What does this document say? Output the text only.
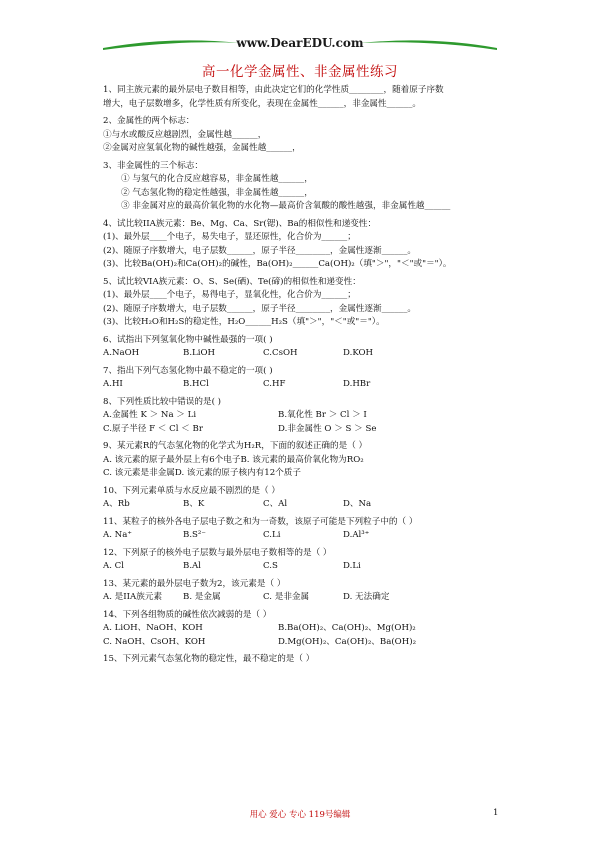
www.DearEDU.com
高一化学金属性、非金属性练习
1、同主族元素的最外层电子数目相等，由此决定它们的化学性质________，随着原子序数
增大，电子层数增多，化学性质有所变化，表现在金属性______，非金属性______。
2、金属性的两个标志：
①与水或酸反应越剧烈，金属性越______，
②金属对应氢氧化物的碱性越强，金属性越______，
3、非金属性的三个标志：
① 与氢气的化合反应越容易，非金属性越______，
② 气态氢化物的稳定性越强，非金属性越______，
③ 非金属对应的最高价氧化物的水化物—最高价含氧酸的酸性越强，非金属性越______
4、试比较IIA族元素：Be、Mg、Ca、Sr(锶)、Ba的相似性和递变性：
(1)、最外层____个电子，易失电子，显还原性，化合价为______；
(2)、随原子序数增大，电子层数______，原子半径________，金属性逐渐______。
(3)、比较Ba(OH)₂和Ca(OH)₂的碱性，Ba(OH)₂______Ca(OH)₂（填"＞"，"＜"或"＝"）。
5、试比较VIA族元素：O、S、Se(硒)、Te(碲)的相似性和递变性：
(1)、最外层____个电子，易得电子，显氧化性，化合价为______；
(2)、随原子序数增大，电子层数______，原子半径________，金属性逐渐______。
(3)、比较H₂O和H₂S的稳定性，H₂O______H₂S（填"＞"，"＜"或"＝"）。
6、试指出下列氢氧化物中碱性最强的一项( )
A.NaOH	B.LiOH	C.CsOH	D.KOH
7、指出下列气态氢化物中最不稳定的一项( )
A.HI	B.HCl	C.HF	D.HBr
8、下列性质比较中错误的是( )
A.金属性 K ＞ Na ＞ Li	B.氧化性 Br ＞ Cl ＞ I
C.原子半径 F ＜ Cl ＜ Br	D.非金属性 O ＞ S ＞ Se
9、某元素R的气态氢化物的化学式为H₂R，下面的叙述正确的是（ ）
A. 该元素的原子最外层上有6个电子B. 该元素的最高价氧化物为RO₂
C. 该元素是非金属D. 该元素的原子核内有12个质子
10、下列元素单质与水反应最不剧烈的是（ ）
A、Rb	B、K	C、Al	D、Na
11、某粒子的核外各电子层电子数之和为一奇数，该原子可能是下列粒子中的（ ）
A. Na⁺	B.S²⁻	C.Li	D.Al³⁺
12、下列原子的核外电子层数与最外层电子数相等的是（ ）
A. Cl	B.Al	C.S	D.Li
13、某元素的最外层电子数为2，该元素是（ ）
A. 是IIA族元素 B. 是金属	C. 是非金属	D. 无法确定
14、下列各组物质的碱性依次减弱的是（ ）
A. LiOH、NaOH、KOH	B.Ba(OH)₂、Ca(OH)₂、Mg(OH)₂
C. NaOH、CsOH、KOH	D.Mg(OH)₂、Ca(OH)₂、Ba(OH)₂
15、下列元素气态氢化物的稳定性，最不稳定的是（ ）
用心 爱心 专心 119号编辑	1
